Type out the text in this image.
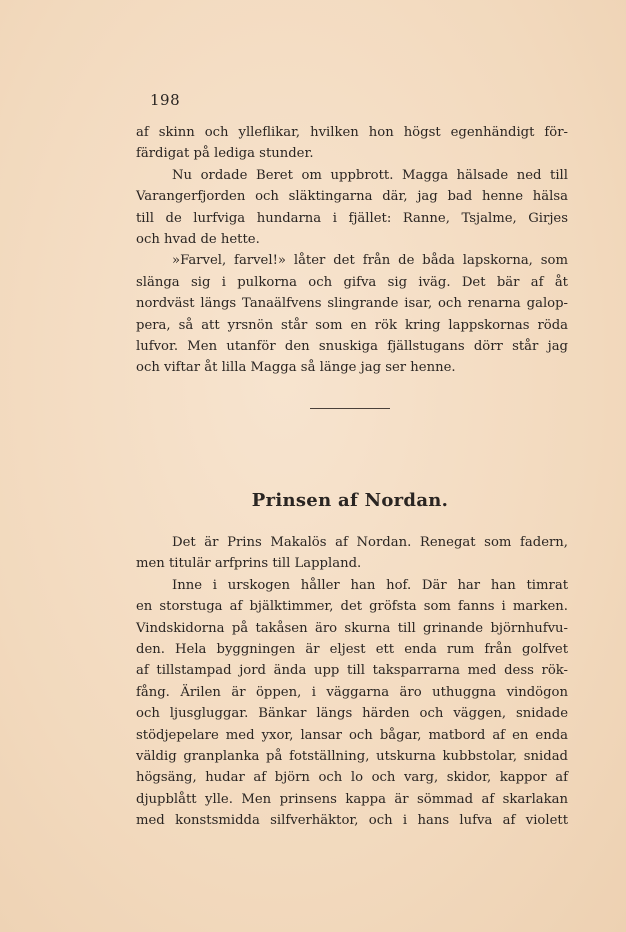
198
af skinn och ylleflikar, hvilken hon högst egenhändigt för-
färdigat på lediga stunder.
Nu ordade Beret om uppbrott. Magga hälsade ned till
Varangerfjorden och släktingarna där, jag bad henne hälsa
till de lurfviga hundarna i fjället: Ranne, Tsjalme, Girjes
och hvad de hette.
»Farvel, farvel!» låter det från de båda lapskorna, som
slänga sig i pulkorna och gifva sig iväg. Det bär af åt
nordväst längs Tanaälfvens slingrande isar, och renarna galop-
pera, så att yrsnön står som en rök kring lappskornas röda
lufvor. Men utanför den snuskiga fjällstugans dörr står jag
och viftar åt lilla Magga så länge jag ser henne.
Prinsen af Nordan.
Det är Prins Makalös af Nordan. Renegat som fadern,
men titulär arfprins till Lappland.
Inne i urskogen håller han hof. Där har han timrat
en storstuga af bjälktimmer, det gröfsta som fanns i marken.
Vindskidorna på takåsen äro skurna till grinande björnhufvu-
den. Hela byggningen är eljest ett enda rum från golfvet
af tillstampad jord ända upp till taksparrarna med dess rök-
fång. Ärilen är öppen, i väggarna äro uthuggna vindögon
och ljusgluggar. Bänkar längs härden och väggen, snidade
stödjepelare med yxor, lansar och bågar, matbord af en enda
väldig granplanka på fotställning, utskurna kubbstolar, snidad
högsäng, hudar af björn och lo och varg, skidor, kappor af
djupblått ylle. Men prinsens kappa är sömmad af skarlakan
med konstsmidda silfverhäktor, och i hans lufva af violett
